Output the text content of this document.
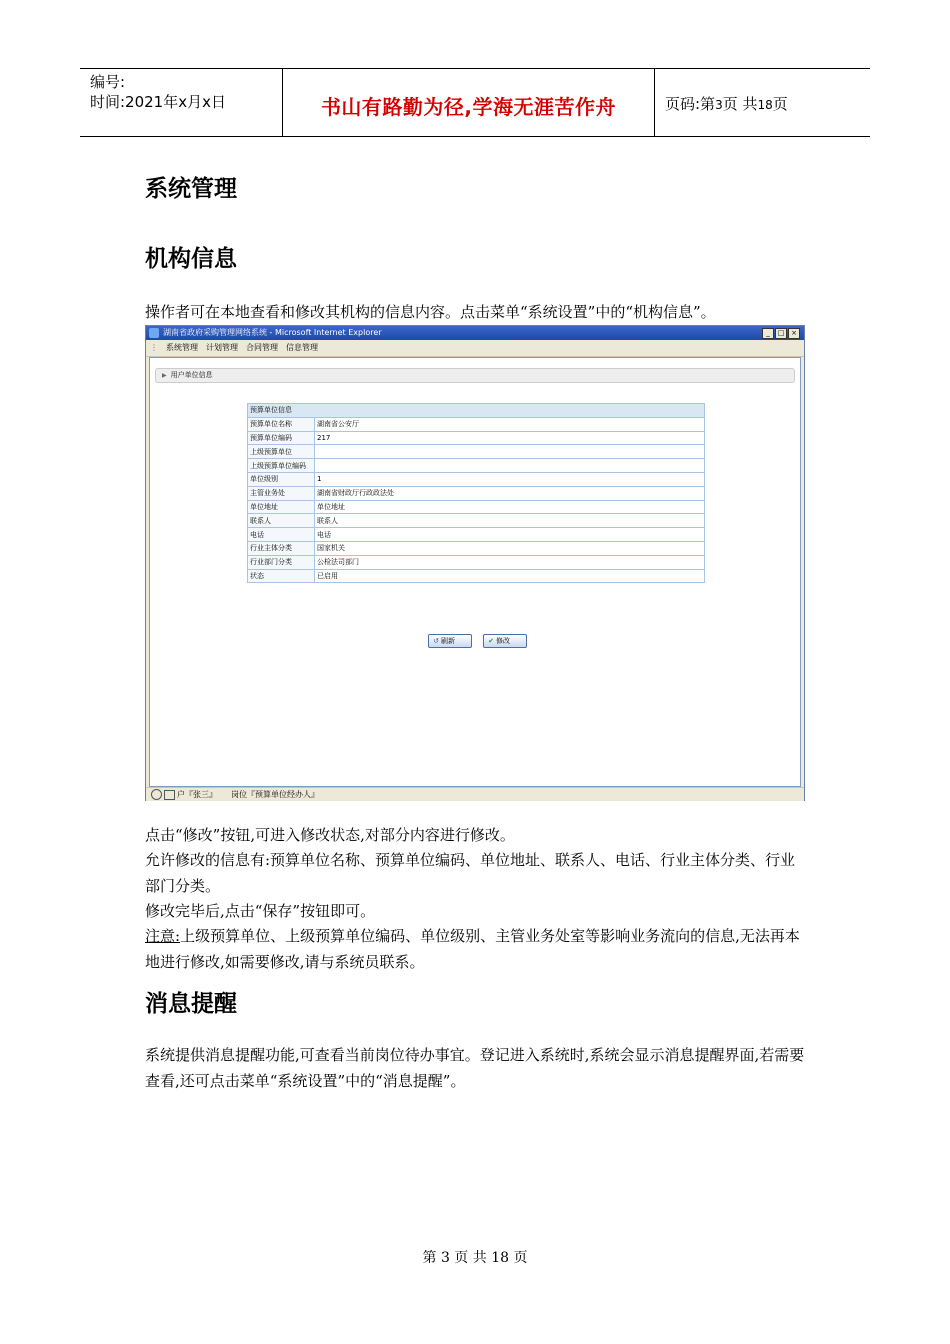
编号:
时间:2021年x月x日	书山有路勤为径,学海无涯苦作舟	页码:第3页 共18页
系统管理
机构信息

操作者可在本地查看和修改其机构的信息内容。点击菜单“系统设置”中的“机构信息”。

湖南省政府采购管理网络系统 - Microsoft Internet Explorer	_ □ ×
⋮ 系统管理 计划管理 合同管理 信息管理
▶ 用户单位信息
预算单位信息	
预算单位名称	湖南省公安厅
预算单位编码	217
上级预算单位	
上级预算单位编码	
单位级别	1
主管业务处	湖南省财政厅行政政法处
单位地址	单位地址
联系人	联系人
电话	电话
行业主体分类	国家机关
行业部门分类	公检法司部门
状态	已启用
↺ 刷新	✔ 修改
户『张三』 岗位『预算单位经办人』

点击“修改”按钮,可进入修改状态,对部分内容进行修改。

允许修改的信息有:预算单位名称、预算单位编码、单位地址、联系人、电话、行业主体分类、行业部门分类。

修改完毕后,点击“保存”按钮即可。

注意:上级预算单位、上级预算单位编码、单位级别、主管业务处室等影响业务流向的信息,无法再本地进行修改,如需要修改,请与系统员联系。

消息提醒

系统提供消息提醒功能,可查看当前岗位待办事宜。登记进入系统时,系统会显示消息提醒界面,若需要查看,还可点击菜单“系统设置”中的“消息提醒”。

第 3 页 共 18 页
